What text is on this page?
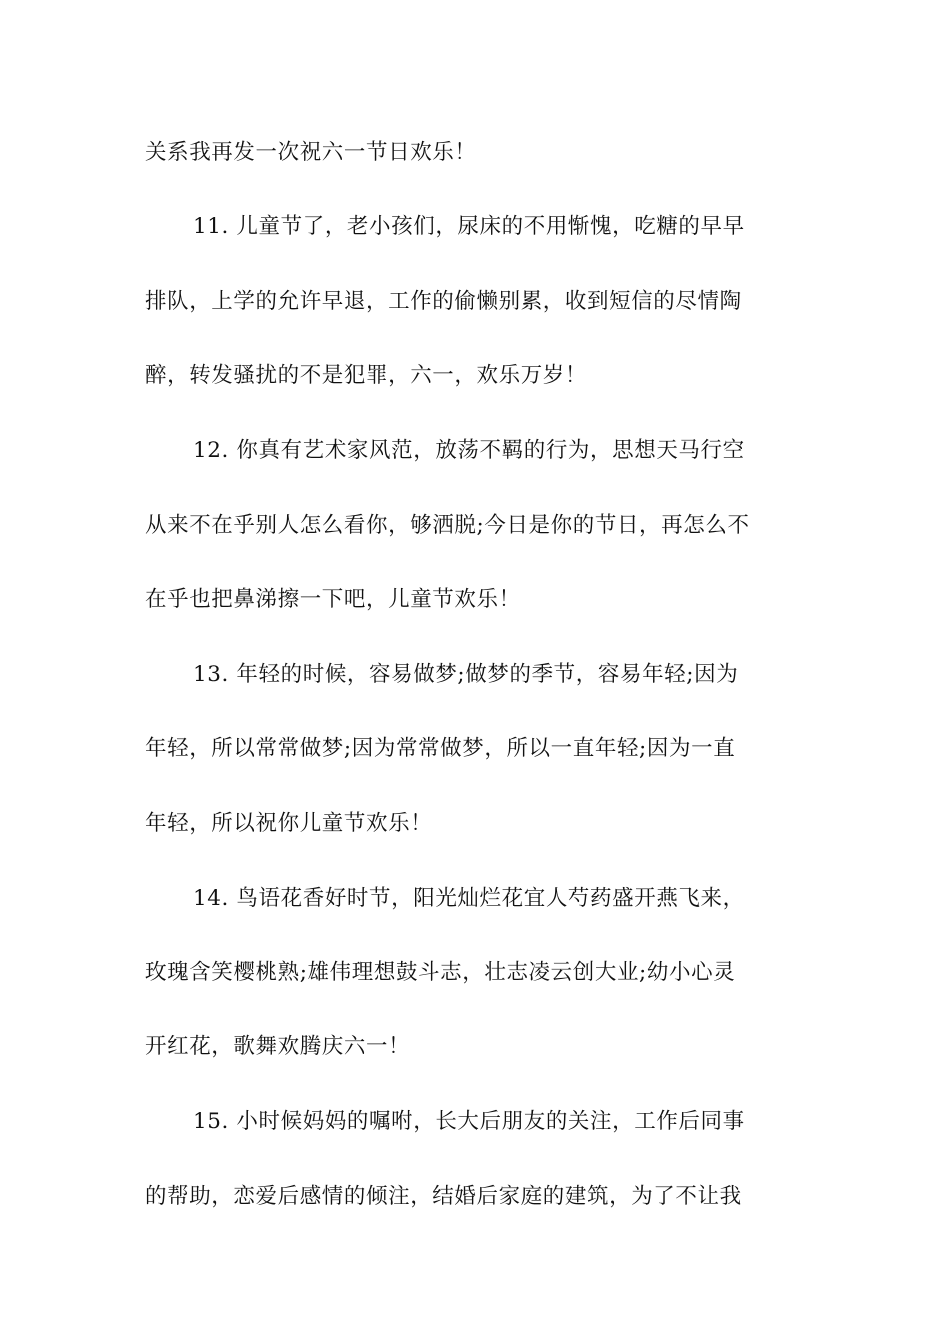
关系我再发一次祝六一节日欢乐！
11. 儿童节了，老小孩们，尿床的不用惭愧，吃糖的早早
排队，上学的允许早退，工作的偷懒别累，收到短信的尽情陶
醉，转发骚扰的不是犯罪，六一，欢乐万岁！
12. 你真有艺术家风范，放荡不羁的行为，思想天马行空
从来不在乎别人怎么看你，够洒脱;今日是你的节日，再怎么不
在乎也把鼻涕擦一下吧，儿童节欢乐！
13. 年轻的时候，容易做梦;做梦的季节，容易年轻;因为
年轻，所以常常做梦;因为常常做梦，所以一直年轻;因为一直
年轻，所以祝你儿童节欢乐！
14. 鸟语花香好时节，阳光灿烂花宜人芍药盛开燕飞来，
玫瑰含笑樱桃熟;雄伟理想鼓斗志，壮志凌云创大业;幼小心灵
开红花，歌舞欢腾庆六一！
15. 小时候妈妈的嘱咐，长大后朋友的关注，工作后同事
的帮助，恋爱后感情的倾注，结婚后家庭的建筑，为了不让我
